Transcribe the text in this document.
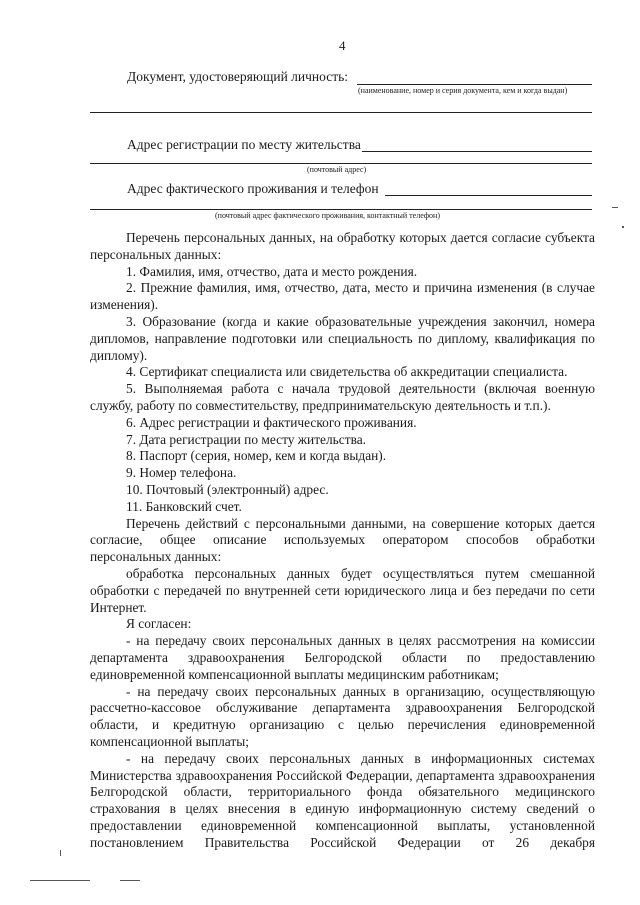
4
Документ, удостоверяющий личность:
(наименование, номер и серия документа, кем и когда выдан)
Адрес регистрации по месту жительства
(почтовый адрес)
Адрес фактического проживания и телефон
(почтовый адрес фактического проживания, контактный телефон)

Перечень персональных данных, на обработку которых дается согласие субъекта персональных данных:

1. Фамилия, имя, отчество, дата и место рождения.

2. Прежние фамилия, имя, отчество, дата, место и причина изменения (в случае изменения).

3. Образование (когда и какие образовательные учреждения закончил, номера дипломов, направление подготовки или специальность по диплому, квалификация по диплому).

4. Сертификат специалиста или свидетельства об аккредитации специалиста.

5. Выполняемая работа с начала трудовой деятельности (включая военную службу, работу по совместительству, предпринимательскую деятельность и т.п.).

6. Адрес регистрации и фактического проживания.

7. Дата регистрации по месту жительства.

8. Паспорт (серия, номер, кем и когда выдан).

9. Номер телефона.

10. Почтовый (электронный) адрес.

11. Банковский счет.

Перечень действий с персональными данными, на совершение которых дается согласие, общее описание используемых оператором способов обработки персональных данных:

обработка персональных данных будет осуществляться путем смешанной обработки с передачей по внутренней сети юридического лица и без передачи по сети Интернет.

Я согласен:

- на передачу своих персональных данных в целях рассмотрения на комиссии департамента здравоохранения Белгородской области по предоставлению единовременной компенсационной выплаты медицинским работникам;

- на передачу своих персональных данных в организацию, осуществляющую рассчетно-кассовое обслуживание департамента здравоохранения Белгородской области, и кредитную организацию с целью перечисления единовременной компенсационной выплаты;

- на передачу своих персональных данных в информационных системах Министерства здравоохранения Российской Федерации, департамента здравоохранения Белгородской области, территориального фонда обязательного медицинского страхования в целях внесения в единую информационную систему сведений о предоставлении единовременной компенсационной выплаты, установленной постановлением Правительства Российской Федерации от 26 декабря
